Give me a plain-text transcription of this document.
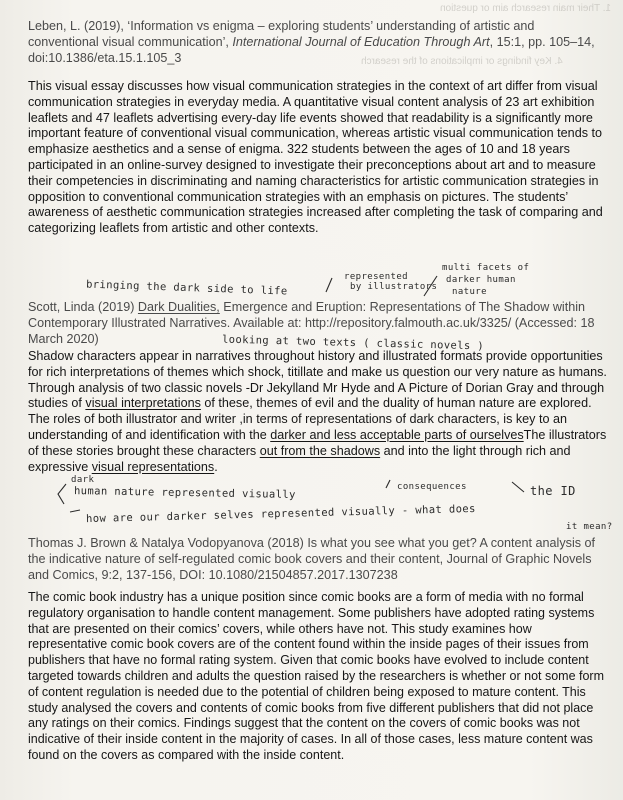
1. Their main research aim or question
4. Key findings or implications of the research
Leben, L. (2019), ‘Information vs enigma – exploring students’ understanding of artistic and conventional visual communication’, International Journal of Education Through Art, 15:1, pp. 105–14, doi:10.1386/eta.15.1.105_3
This visual essay discusses how visual communication strategies in the context of art differ from visual communication strategies in everyday media. A quantitative visual content analysis of 23 art exhibition leaflets and 47 leaflets advertising every-day life events showed that readability is a significantly more important feature of conventional visual communication, whereas artistic visual communication tends to emphasize aesthetics and a sense of enigma. 322 students between the ages of 10 and 18 years participated in an online-survey designed to investigate their preconceptions about art and to measure their competencies in discriminating and naming characteristics for artistic communication strategies in opposition to conventional communication strategies with an emphasis on pictures. The students’ awareness of aesthetic communication strategies increased after completing the task of comparing and categorizing leaflets from artistic and other contexts.
represented
by illustrators
bringing the dark side to life
multi facets of
darker human
nature
Scott, Linda (2019) Dark Dualities, Emergence and Eruption: Representations of The Shadow within Contemporary Illustrated Narratives. Available at: http://repository.falmouth.ac.uk/3325/ (Accessed: 18 March 2020)	looking at two texts ( classic novels )
Shadow characters appear in narratives throughout history and illustrated formats provide opportunities for rich interpretations of themes which shock, titillate and make us question our very nature as humans. Through analysis of two classic novels -Dr Jekylland Mr Hyde and A Picture of Dorian Gray and through studies of visual interpretations of these, themes of evil and the duality of human nature are explored. The roles of both illustrator and writer ,in terms of representations of dark characters, is key to an understanding of and identification with the darker and less acceptable parts of ourselvesThe illustrators of these stories brought these characters out from the shadows and into the light through rich and expressive visual representations.
dark
human nature represented visually	consequences	the ID
how are our darker selves represented visually - what does
it mean?
Thomas J. Brown & Natalya Vodopyanova (2018) Is what you see what you get? A content analysis of the indicative nature of self-regulated comic book covers and their content, Journal of Graphic Novels and Comics, 9:2, 137-156, DOI: 10.1080/21504857.2017.1307238
The comic book industry has a unique position since comic books are a form of media with no formal regulatory organisation to handle content management. Some publishers have adopted rating systems that are presented on their comics’ covers, while others have not. This study examines how representative comic book covers are of the content found within the inside pages of their issues from publishers that have no formal rating system. Given that comic books have evolved to include content targeted towards children and adults the question raised by the researchers is whether or not some form of content regulation is needed due to the potential of children being exposed to mature content. This study analysed the covers and contents of comic books from five different publishers that did not place any ratings on their comics. Findings suggest that the content on the covers of comic books was not indicative of their inside content in the majority of cases. In all of those cases, less mature content was found on the covers as compared with the inside content.
